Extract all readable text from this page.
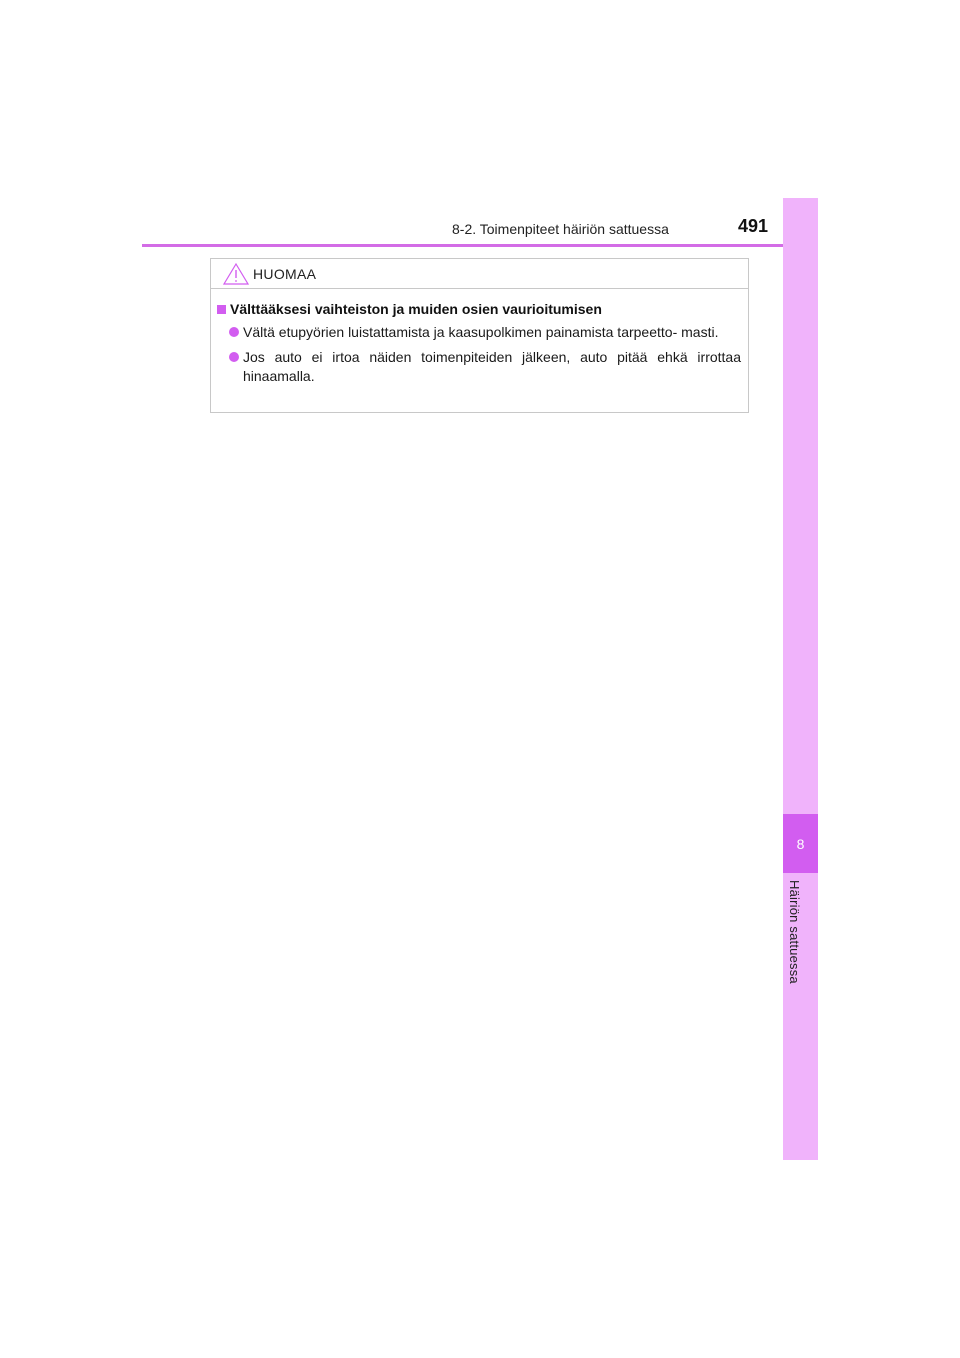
8-2. Toimenpiteet häiriön sattuessa	491
8
Häiriön sattuessa
HUOMAA
Välttääksesi vaihteiston ja muiden osien vaurioitumisen
Vältä etupyörien luistattamista ja kaasupolkimen painamista tarpeetto- masti.
Jos auto ei irtoa näiden toimenpiteiden jälkeen, auto pitää ehkä irrottaa hinaamalla.
